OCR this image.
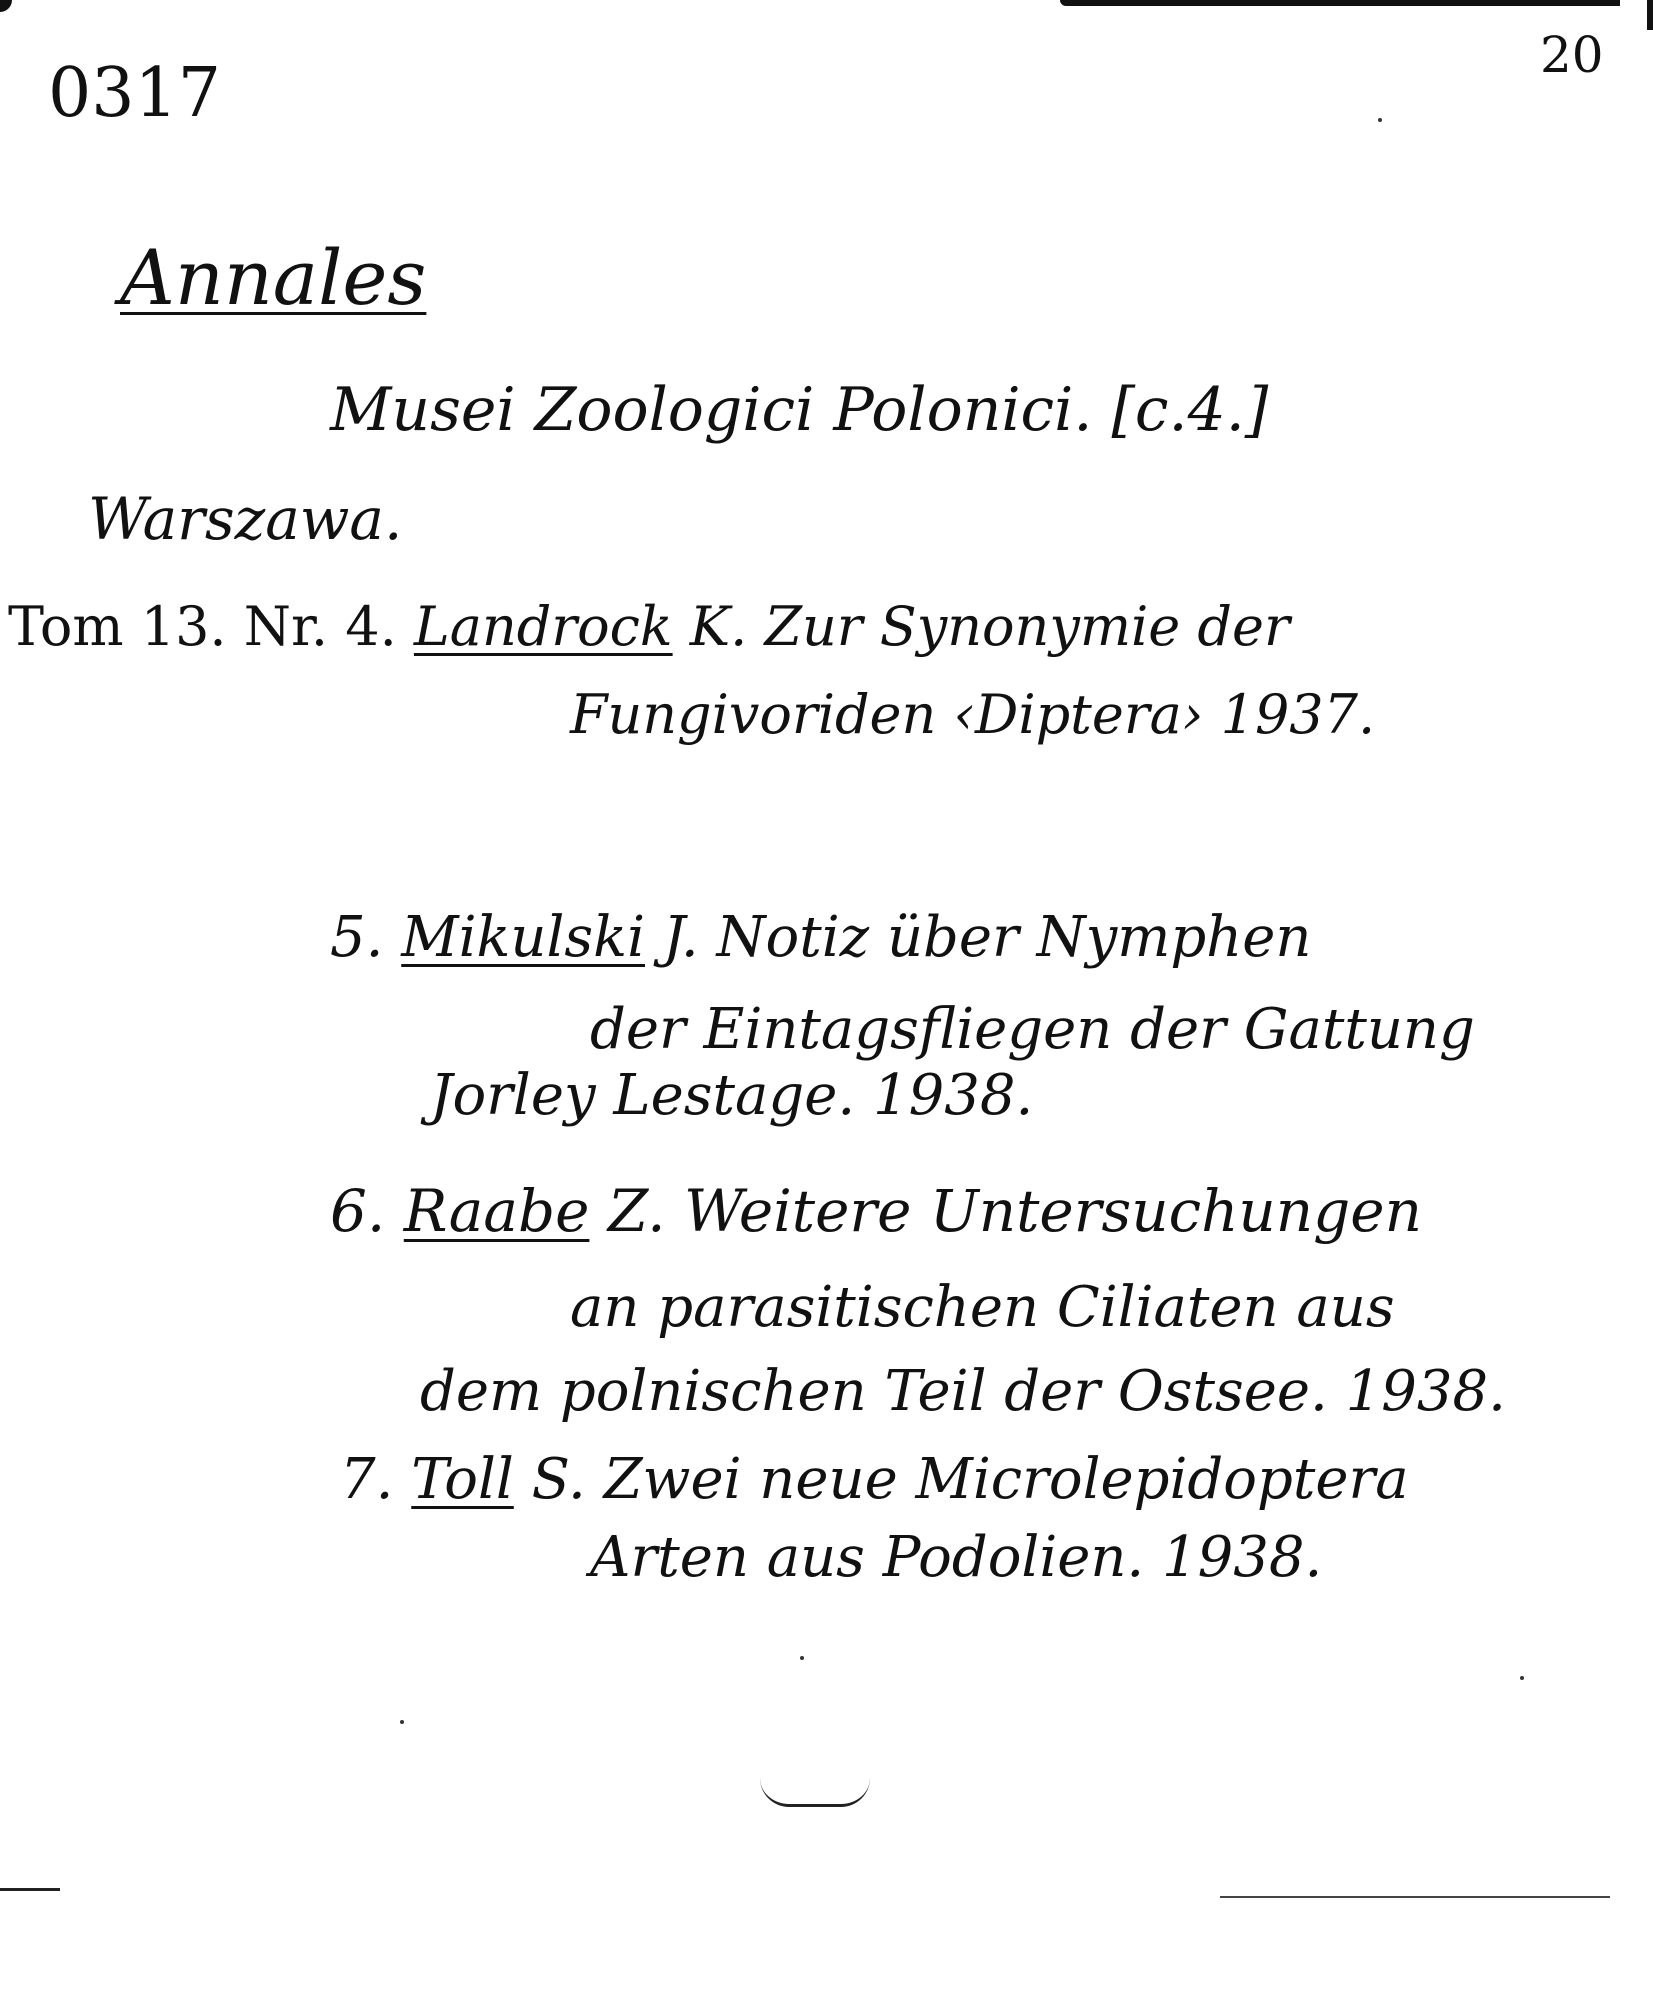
0317	20
Annales
Musei Zoologici Polonici. [c.4.]
Warszawa.
Tom 13. Nr. 4. Landrock K. Zur Synonymie der
Fungivoriden ‹Diptera› 1937.
5. Mikulski J. Notiz über Nymphen
der Eintagsfliegen der Gattung
Jorley Lestage. 1938.
6. Raabe Z. Weitere Untersuchungen
an parasitischen Ciliaten aus
dem polnischen Teil der Ostsee. 1938.
7. Toll S. Zwei neue Microlepidoptera
Arten aus Podolien. 1938.
